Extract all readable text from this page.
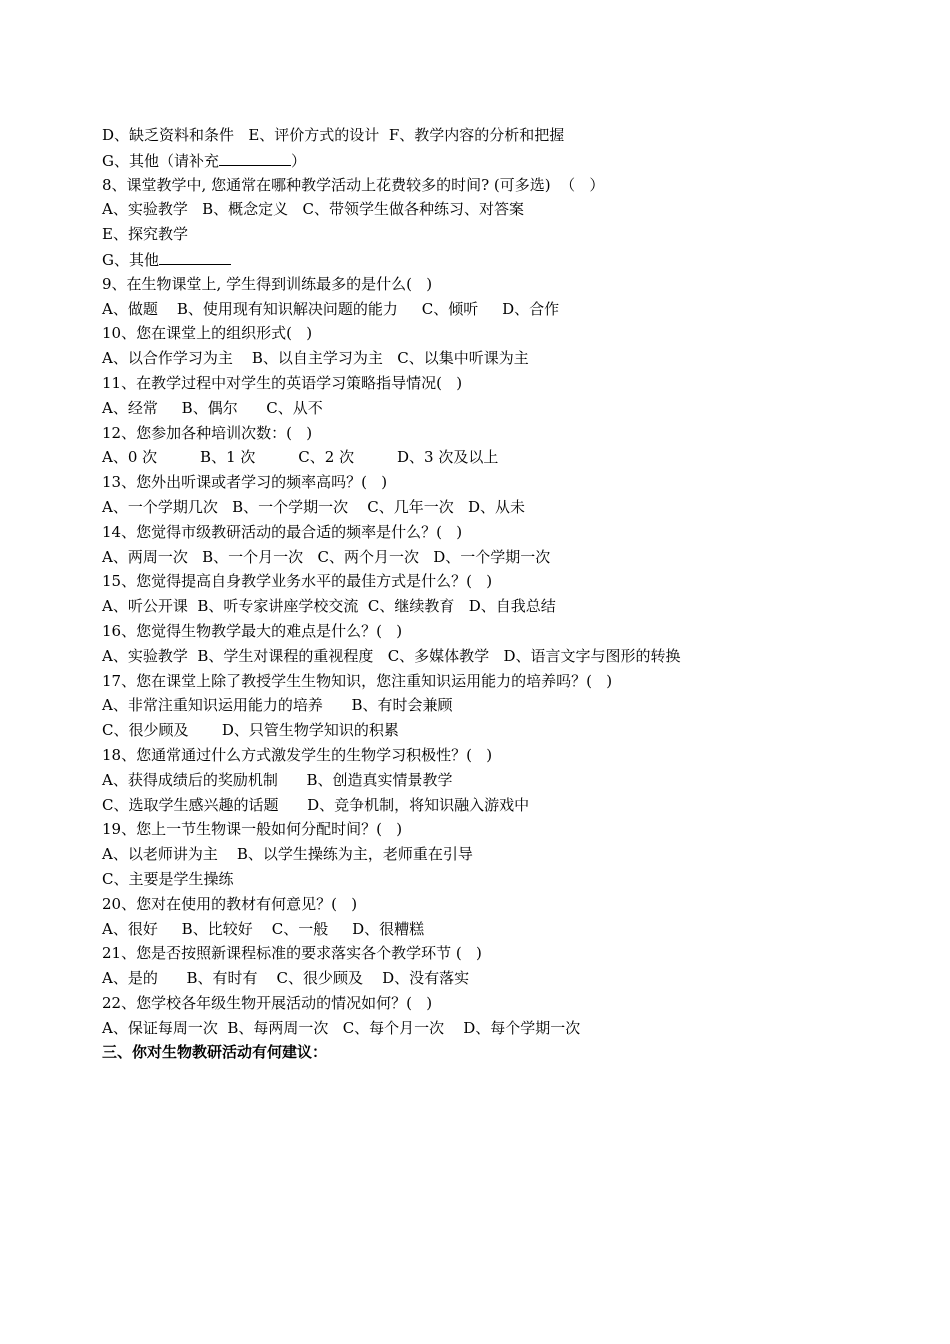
D、缺乏资料和条件   E、评价方式的设计  F、教学内容的分析和把握
G、其他（请补充	）
8、课堂教学中, 您通常在哪种教学活动上花费较多的时间? (可多选)  （   ）
A、实验教学   B、概念定义   C、带领学生做各种练习、对答案
E、探究教学
G、其他
9、在生物课堂上, 学生得到训练最多的是什么(   )
A、做题    B、使用现有知识解决问题的能力     C、倾听     D、合作
10、您在课堂上的组织形式(   )
A、以合作学习为主    B、以自主学习为主   C、以集中听课为主
11、在教学过程中对学生的英语学习策略指导情况(   )
A、经常     B、偶尔      C、从不
12、您参加各种培训次数：(   )
A、0 次         B、1 次         C、2 次         D、3 次及以上
13、您外出听课或者学习的频率高吗？(   )
A、一个学期几次   B、一个学期一次    C、几年一次   D、从未
14、您觉得市级教研活动的最合适的频率是什么？(   )
A、两周一次   B、一个月一次   C、两个月一次   D、一个学期一次
15、您觉得提高自身教学业务水平的最佳方式是什么？(   )
A、听公开课  B、听专家讲座学校交流  C、继续教育   D、自我总结
16、您觉得生物教学最大的难点是什么？(   )
A、实验教学  B、学生对课程的重视程度   C、多媒体教学   D、语言文字与图形的转换
17、您在课堂上除了教授学生生物知识，您注重知识运用能力的培养吗？(   )
A、非常注重知识运用能力的培养      B、有时会兼顾
C、很少顾及       D、只管生物学知识的积累
18、您通常通过什么方式激发学生的生物学习积极性？(   )
A、获得成绩后的奖励机制      B、创造真实情景教学
C、选取学生感兴趣的话题      D、竞争机制，将知识融入游戏中
19、您上一节生物课一般如何分配时间？(   )
A、以老师讲为主    B、以学生操练为主，老师重在引导
C、主要是学生操练
20、您对在使用的教材有何意见？(   )
A、很好     B、比较好    C、一般     D、很糟糕
21、您是否按照新课程标准的要求落实各个教学环节 (   )
A、是的      B、有时有    C、很少顾及    D、没有落实
22、您学校各年级生物开展活动的情况如何？(   )
A、保证每周一次  B、每两周一次   C、每个月一次    D、每个学期一次
三、你对生物教研活动有何建议：
